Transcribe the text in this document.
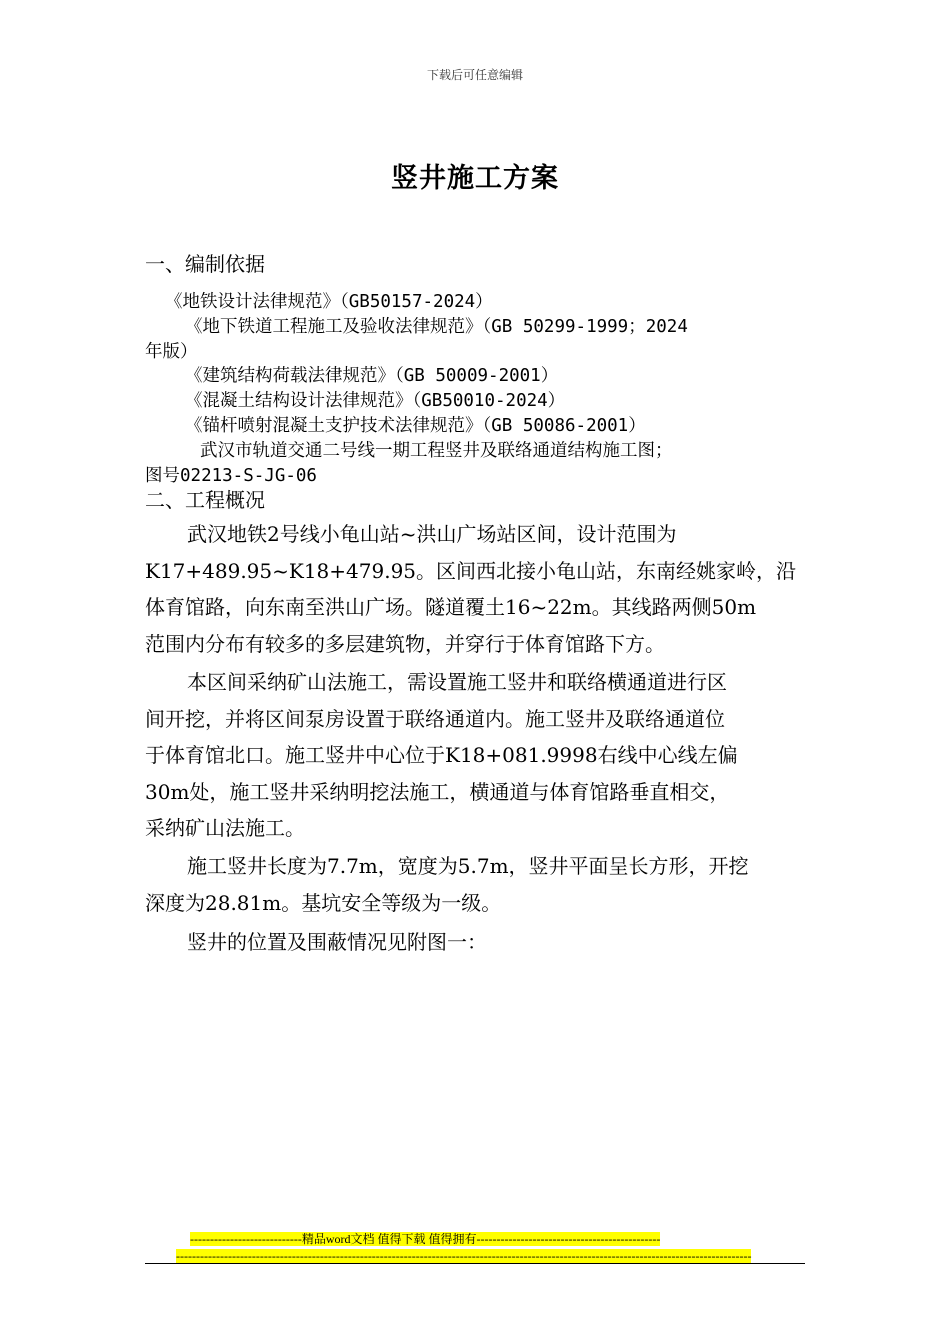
下载后可任意编辑
竖井施工方案
一、编制依据
《地铁设计法律规范》（GB50157-2024）
《地下铁道工程施工及验收法律规范》（GB 50299-1999；2024
年版）
《建筑结构荷载法律规范》（GB 50009-2001）
《混凝土结构设计法律规范》（GB50010-2024）
《锚杆喷射混凝土支护技术法律规范》（GB 50086-2001）
武汉市轨道交通二号线一期工程竖井及联络通道结构施工图；
图号02213-S-JG-06
二、工程概况
武汉地铁2号线小龟山站~洪山广场站区间，设计范围为
K17+489.95~K18+479.95。区间西北接小龟山站，东南经姚家岭，沿
体育馆路，向东南至洪山广场。隧道覆土16~22m。其线路两侧50m
范围内分布有较多的多层建筑物，并穿行于体育馆路下方。
本区间采纳矿山法施工，需设置施工竖井和联络横通道进行区
间开挖，并将区间泵房设置于联络通道内。施工竖井及联络通道位
于体育馆北口。施工竖井中心位于K18+081.9998右线中心线左偏
30m处，施工竖井采纳明挖法施工，横通道与体育馆路垂直相交，
采纳矿山法施工。
施工竖井长度为7.7m，宽度为5.7m，竖井平面呈长方形，开挖
深度为28.81m。基坑安全等级为一级。
竖井的位置及围蔽情况见附图一：
----------------------------精品word文档 值得下载 值得拥有----------------------------------------------
------------------------------------------------------------------------------------------------------------------------------------------------
